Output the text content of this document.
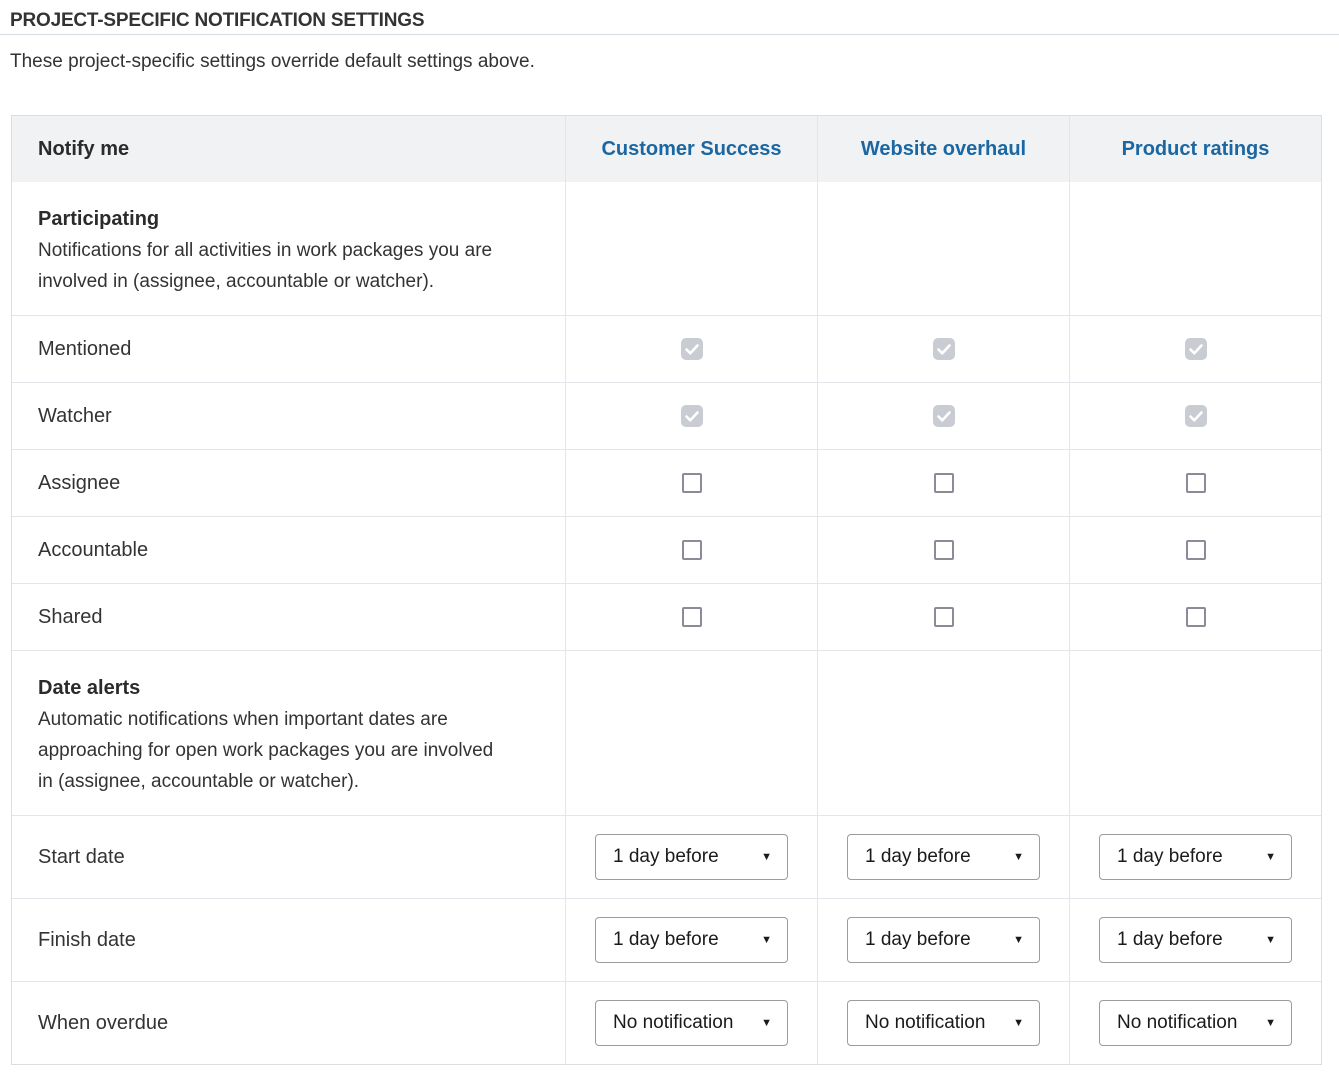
PROJECT-SPECIFIC NOTIFICATION SETTINGS

These project-specific settings override default settings above.

Notify me	Customer Success	Website overhaul	Product ratings
Participating
Notifications for all activities in work packages you are
involved in (assignee, accountable or watcher).
Mentioned
Watcher
Assignee
Accountable
Shared
Date alerts
Automatic notifications when important dates are
approaching for open work packages you are involved
in (assignee, accountable or watcher).
Start date	1 day before	▼	1 day before	▼	1 day before	▼
Finish date	1 day before	▼	1 day before	▼	1 day before	▼
When overdue	No notification	▼	No notification	▼	No notification	▼
